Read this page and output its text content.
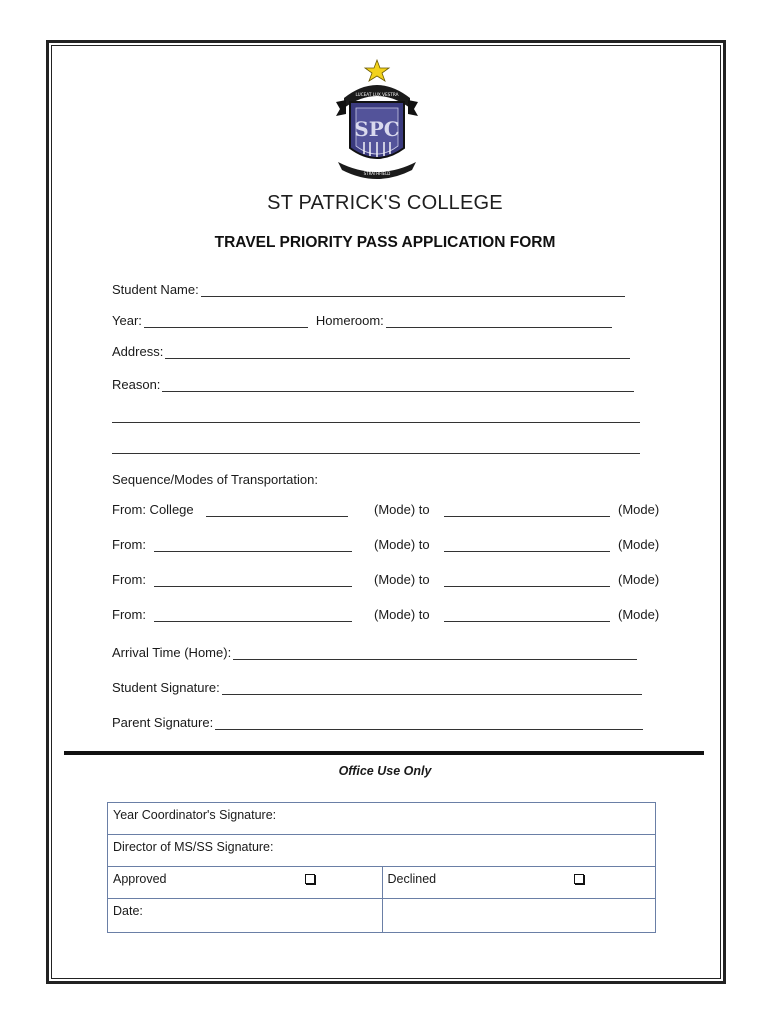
LUCEAT LUX VESTRA
SPC
STRATHFIELD
ST PATRICK'S COLLEGE
TRAVEL PRIORITY PASS APPLICATION FORM
Student Name:
Year:	Homeroom:
Address:
Reason:
Sequence/Modes of Transportation:
From: College	(Mode) to	(Mode)
From:	(Mode) to	(Mode)
From:	(Mode) to	(Mode)
From:	(Mode) to	(Mode)
Arrival Time (Home):
Student Signature:
Parent Signature:
Office Use Only
Year Coordinator's Signature:
Director of MS/SS Signature:
Approved	Declined
Date:
